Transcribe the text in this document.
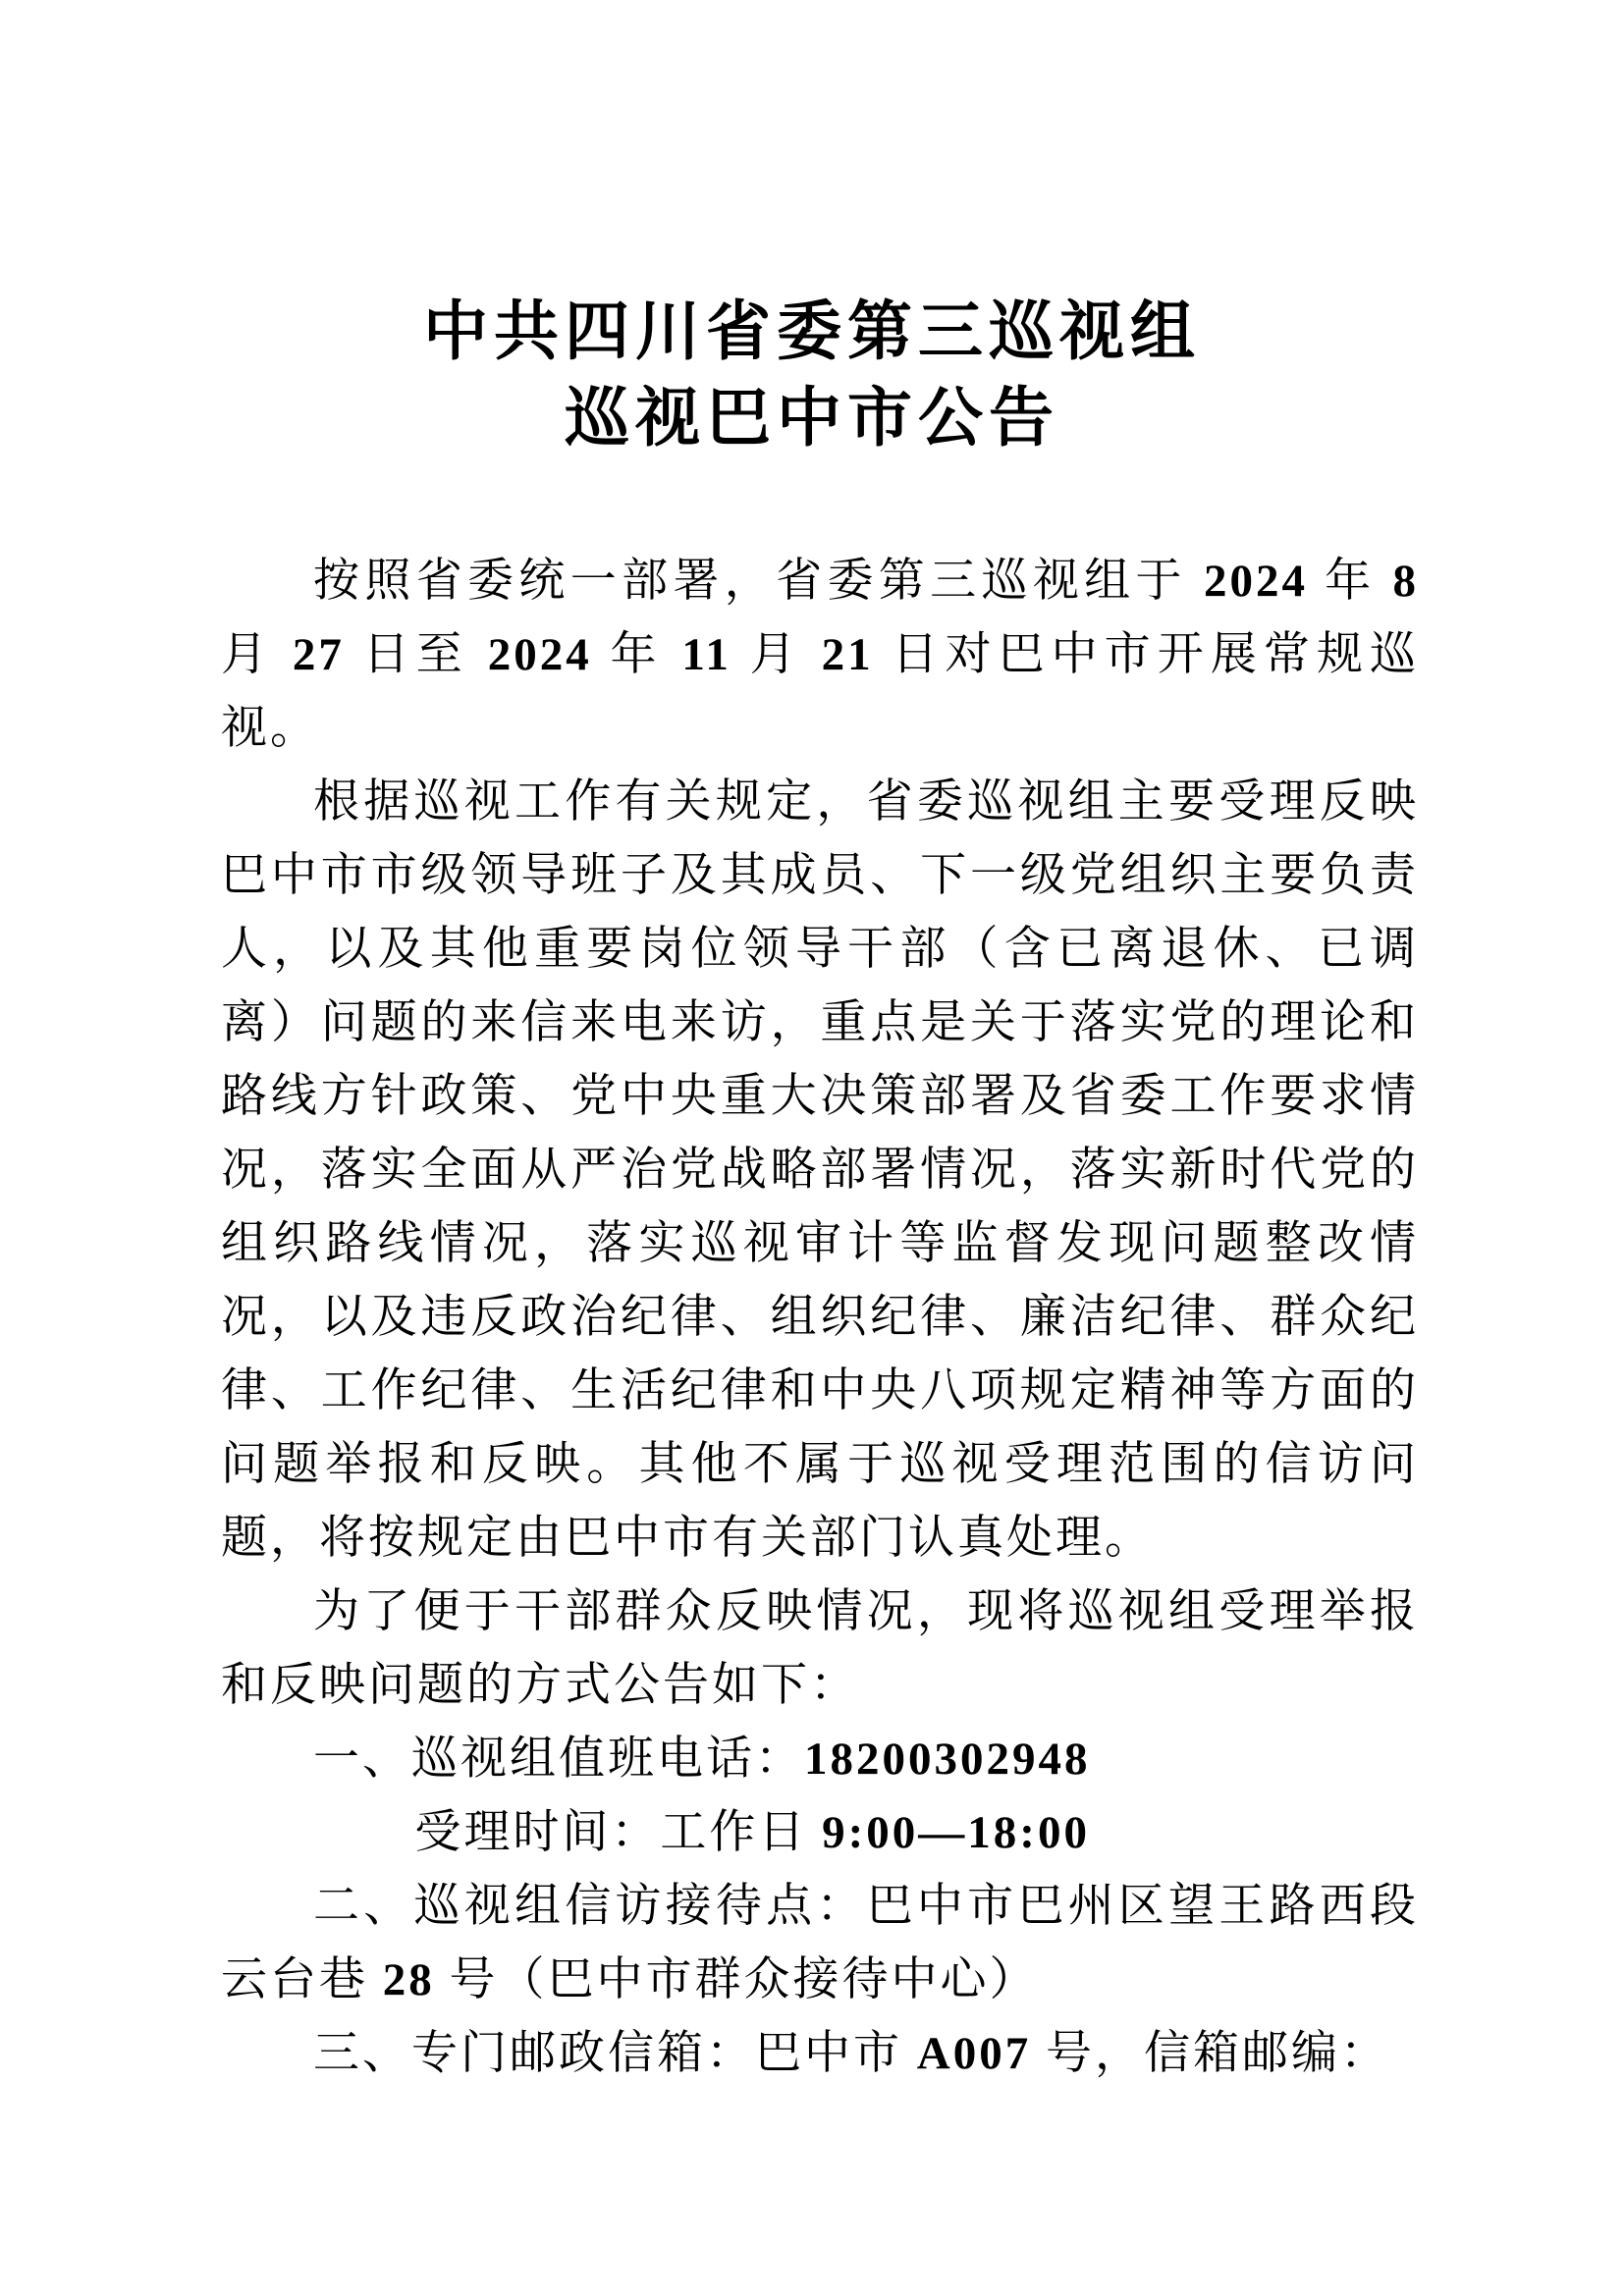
中共四川省委第三巡视组
巡视巴中市公告

按照省委统一部署，省委第三巡视组于 2024 年 8 月 27 日至 2024 年 11 月 21 日对巴中市开展常规巡视。

根据巡视工作有关规定，省委巡视组主要受理反映巴中市市级领导班子及其成员、下一级党组织主要负责人，以及其他重要岗位领导干部（含已离退休、已调离）问题的来信来电来访，重点是关于落实党的理论和路线方针政策、党中央重大决策部署及省委工作要求情况，落实全面从严治党战略部署情况，落实新时代党的组织路线情况，落实巡视审计等监督发现问题整改情况，以及违反政治纪律、组织纪律、廉洁纪律、群众纪律、工作纪律、生活纪律和中央八项规定精神等方面的问题举报和反映。其他不属于巡视受理范围的信访问题，将按规定由巴中市有关部门认真处理。

为了便于干部群众反映情况，现将巡视组受理举报和反映问题的方式公告如下：

一、巡视组值班电话：18200302948

受理时间：工作日 9:00—18:00

二、巡视组信访接待点：巴中市巴州区望王路西段云台巷 28 号（巴中市群众接待中心）

三、专门邮政信箱：巴中市 A007 号，信箱邮编：
